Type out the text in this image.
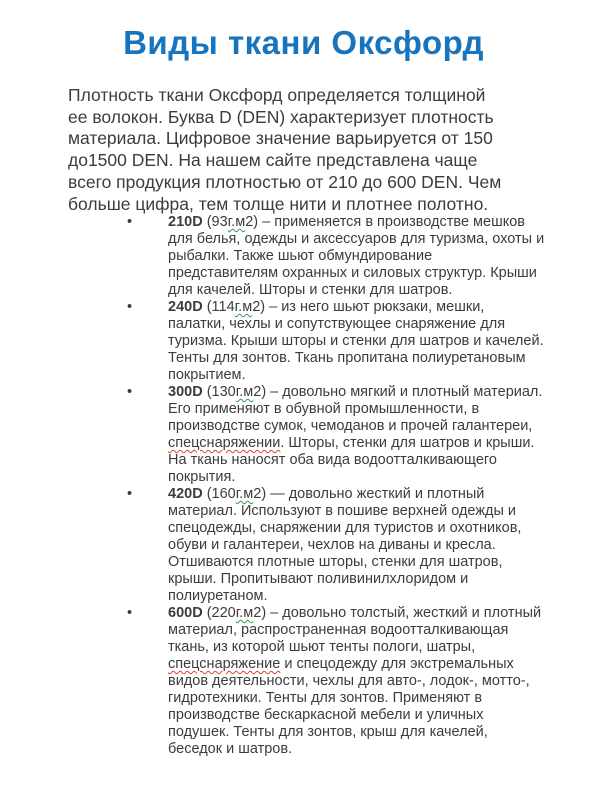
Виды ткани Оксфорд
Плотность ткани Оксфорд определяется толщиной ее волокон. Буква D (DEN) характеризует плотность материала. Цифровое значение варьируется от 150 до1500 DEN. На нашем сайте представлена чаще всего продукция плотностью от 210 до 600 DEN. Чем больше цифра, тем толще нити и плотнее полотно.
•	210D (93г.м2) – применяется в производстве мешков для белья, одежды и аксессуаров для туризма, охоты и рыбалки. Также шьют обмундирование представителям охранных и силовых структур. Крыши для качелей. Шторы и стенки для шатров.
•	240D (114г.м2) – из него шьют рюкзаки, мешки, палатки, чехлы и сопутствующее снаряжение для туризма. Крыши шторы и стенки для шатров и качелей. Тенты для зонтов. Ткань пропитана полиуретановым покрытием.
•	300D (130г.м2) – довольно мягкий и плотный материал. Его применяют в обувной промышленности, в производстве сумок, чемоданов и прочей галантереи, спецснаряжении. Шторы, стенки для шатров и крыши. На ткань наносят оба вида водоотталкивающего покрытия.
•	420D (160г.м2) — довольно жесткий и плотный материал. Используют в пошиве верхней одежды и спецодежды, снаряжении для туристов и охотников, обуви и галантереи, чехлов на диваны и кресла. Отшиваются плотные шторы, стенки для шатров, крыши. Пропитывают поливинилхлоридом и полиуретаном.
•	600D (220г.м2) – довольно толстый, жесткий и плотный материал, распространенная водоотталкивающая ткань, из которой шьют тенты пологи, шатры, спецснаряжение и спецодежду для экстремальных видов деятельности, чехлы для авто-, лодок-, мотто-, гидротехники. Тенты для зонтов. Применяют в производстве бескаркасной мебели и уличных подушек. Тенты для зонтов, крыш для качелей, беседок и шатров.
